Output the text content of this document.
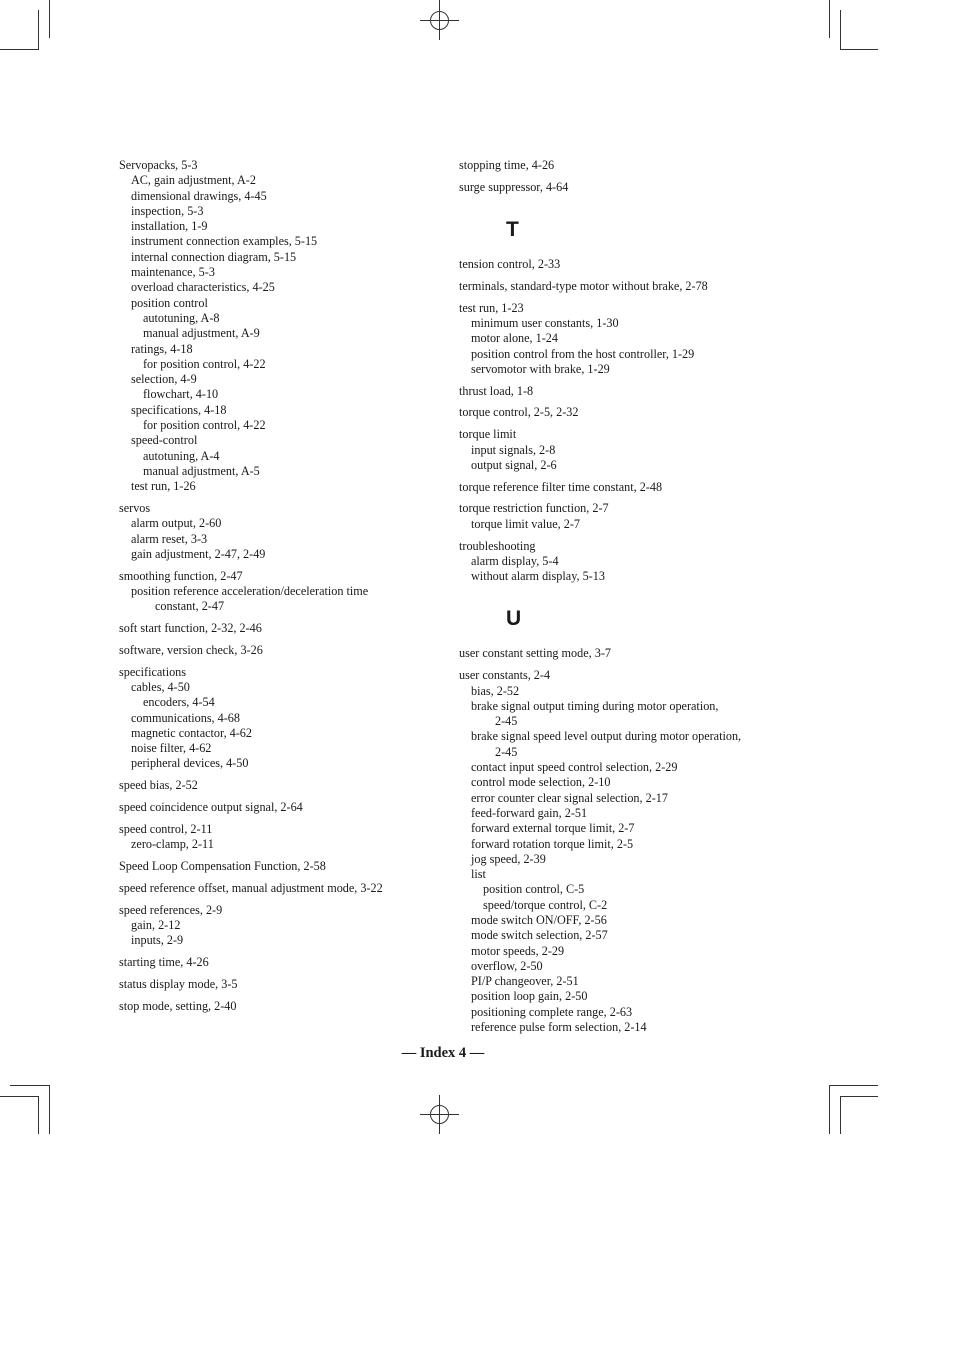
Servopacks, 5-3
AC, gain adjustment, A-2
dimensional drawings, 4-45
inspection, 5-3
installation, 1-9
instrument connection examples, 5-15
internal connection diagram, 5-15
maintenance, 5-3
overload characteristics, 4-25
position control
autotuning, A-8
manual adjustment, A-9
ratings, 4-18
for position control, 4-22
selection, 4-9
flowchart, 4-10
specifications, 4-18
for position control, 4-22
speed-control
autotuning, A-4
manual adjustment, A-5
test run, 1-26
servos
alarm output, 2-60
alarm reset, 3-3
gain adjustment, 2-47, 2-49
smoothing function, 2-47
position reference acceleration/deceleration time
constant, 2-47
soft start function, 2-32, 2-46
software, version check, 3-26
specifications
cables, 4-50
encoders, 4-54
communications, 4-68
magnetic contactor, 4-62
noise filter, 4-62
peripheral devices, 4-50
speed bias, 2-52
speed coincidence output signal, 2-64
speed control, 2-11
zero-clamp, 2-11
Speed Loop Compensation Function, 2-58
speed reference offset, manual adjustment mode, 3-22
speed references, 2-9
gain, 2-12
inputs, 2-9
starting time, 4-26
status display mode, 3-5
stop mode, setting, 2-40
stopping time, 4-26
surge suppressor, 4-64
T
tension control, 2-33
terminals, standard-type motor without brake, 2-78
test run, 1-23
minimum user constants, 1-30
motor alone, 1-24
position control from the host controller, 1-29
servomotor with brake, 1-29
thrust load, 1-8
torque control, 2-5, 2-32
torque limit
input signals, 2-8
output signal, 2-6
torque reference filter time constant, 2-48
torque restriction function, 2-7
torque limit value, 2-7
troubleshooting
alarm display, 5-4
without alarm display, 5-13
U
user constant setting mode, 3-7
user constants, 2-4
bias, 2-52
brake signal output timing during motor operation,
2-45
brake signal speed level output during motor operation,
2-45
contact input speed control selection, 2-29
control mode selection, 2-10
error counter clear signal selection, 2-17
feed-forward gain, 2-51
forward external torque limit, 2-7
forward rotation torque limit, 2-5
jog speed, 2-39
list
position control, C-5
speed/torque control, C-2
mode switch ON/OFF, 2-56
mode switch selection, 2-57
motor speeds, 2-29
overflow, 2-50
PI/P changeover, 2-51
position loop gain, 2-50
positioning complete range, 2-63
reference pulse form selection, 2-14
— Index 4 —
